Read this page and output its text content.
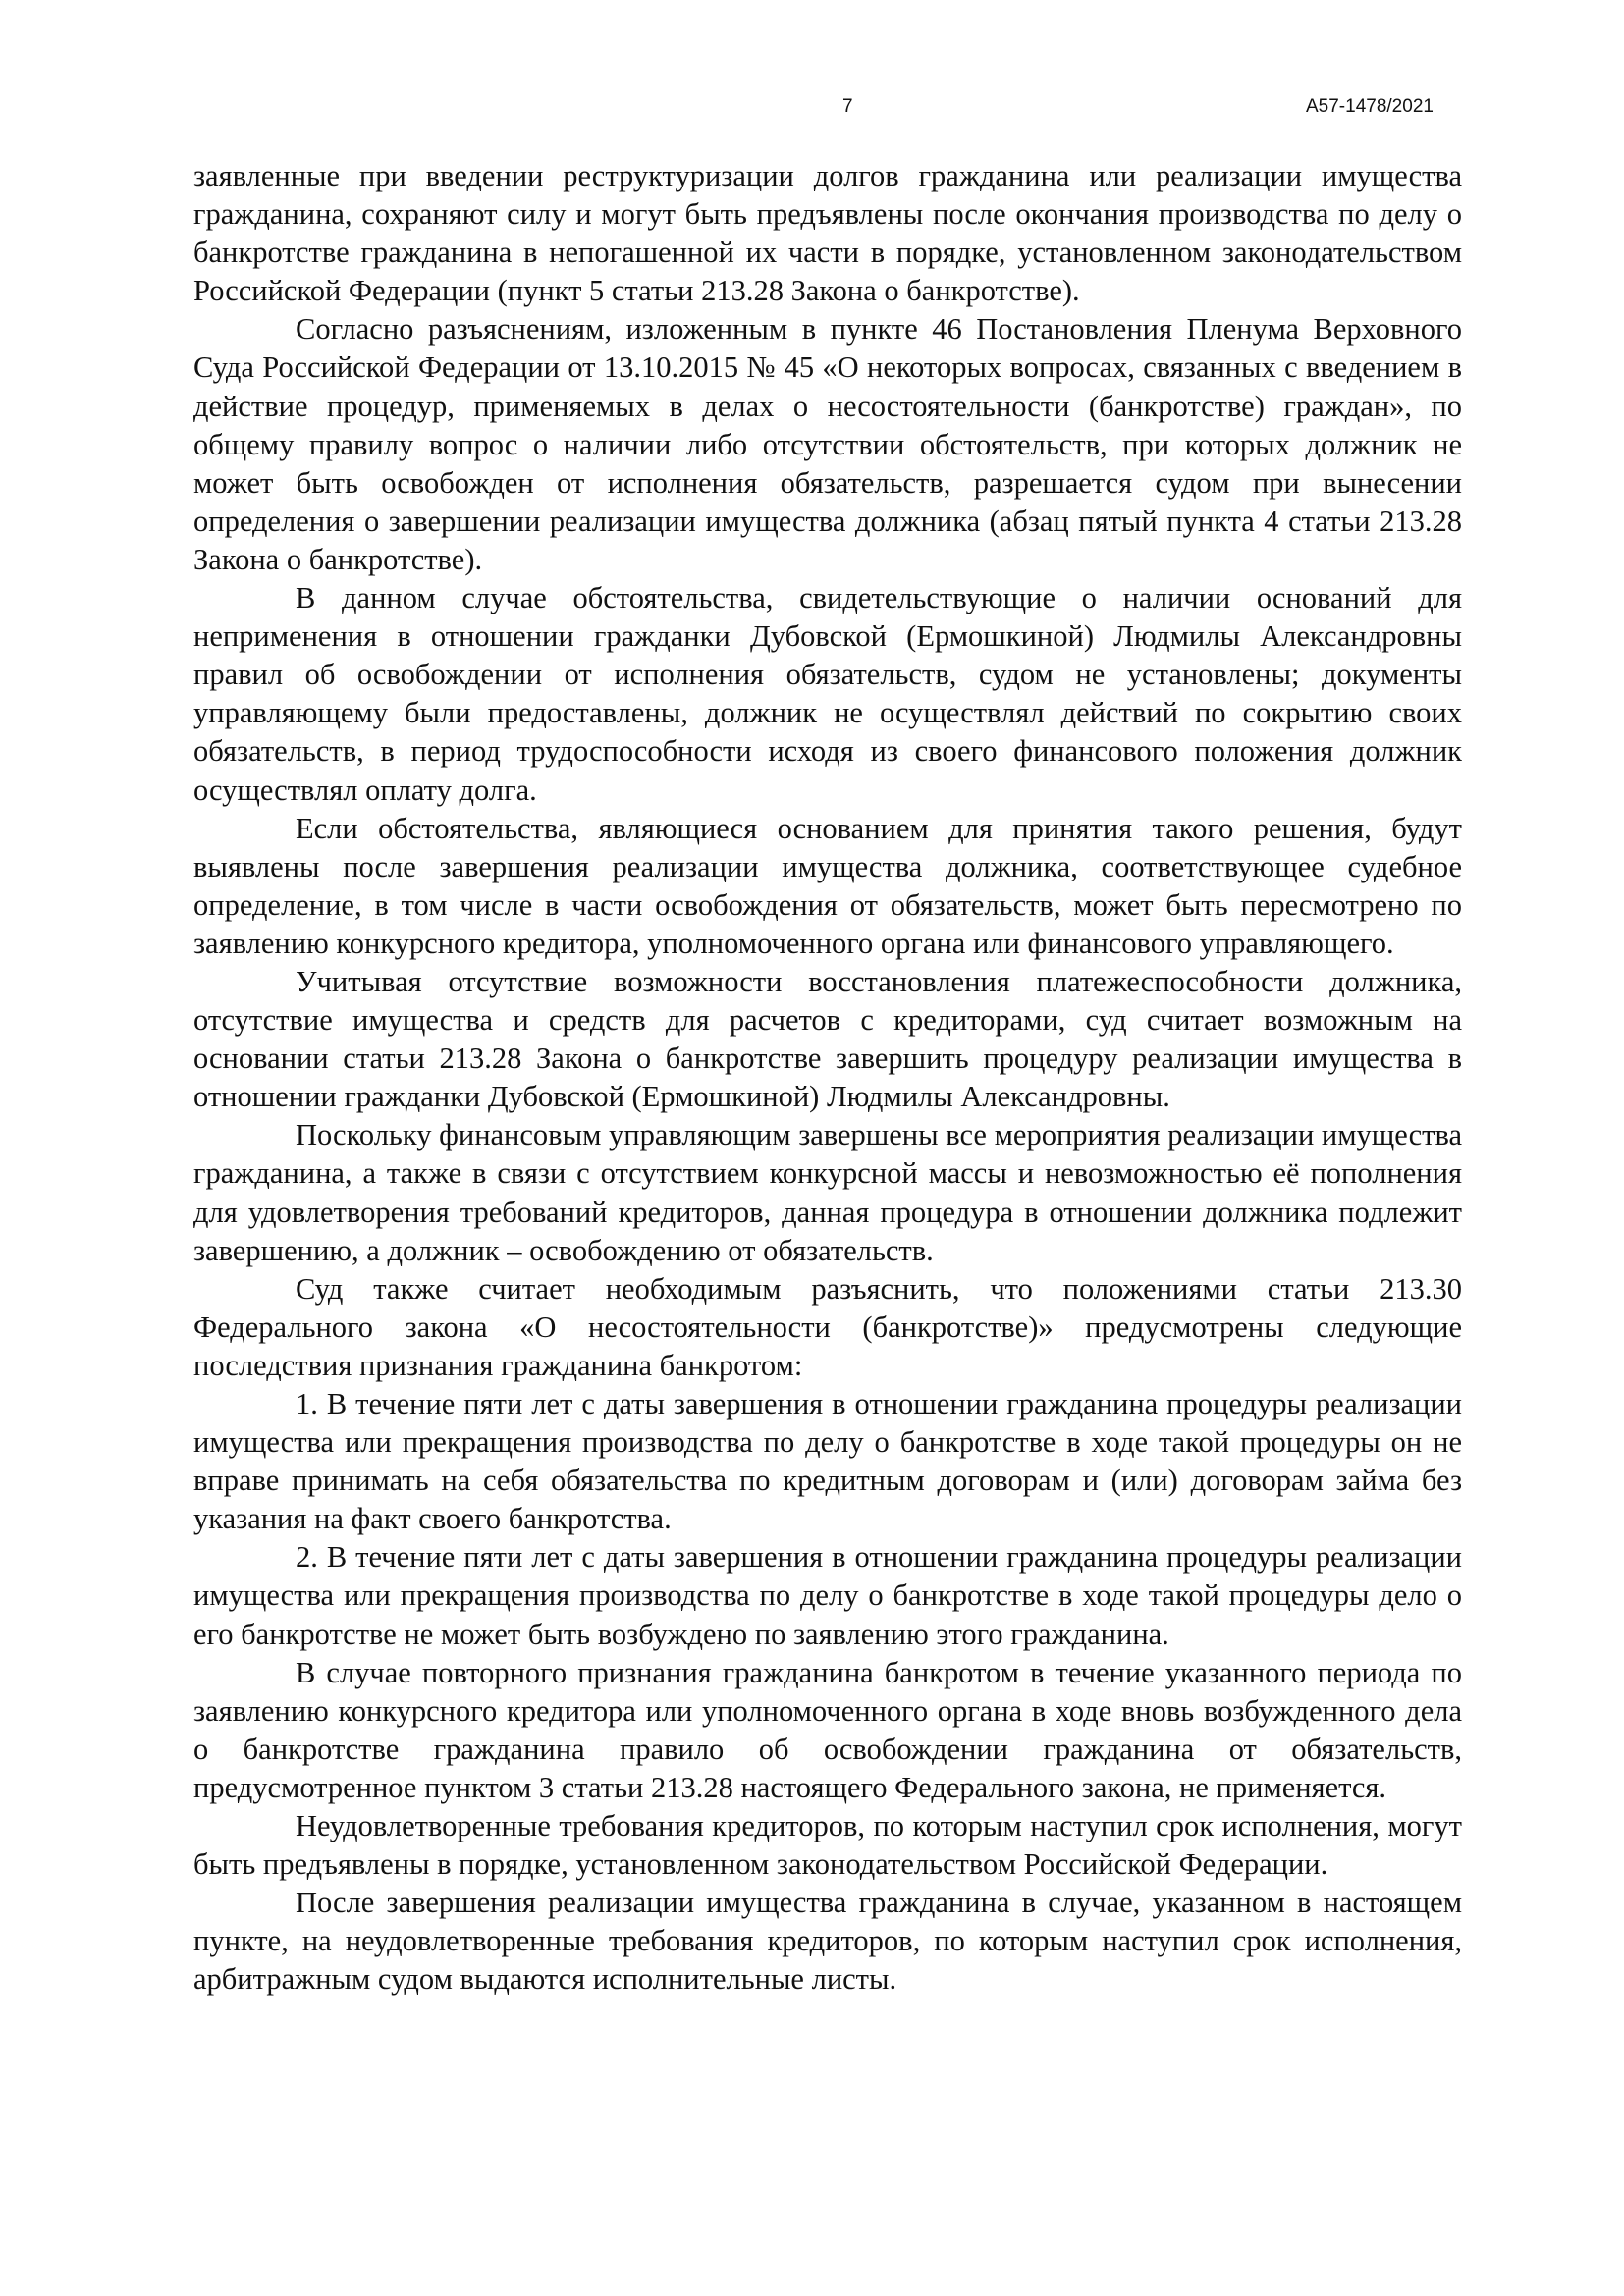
7	А57-1478/2021

заявленные при введении реструктуризации долгов гражданина или реализации имущества гражданина, сохраняют силу и могут быть предъявлены после окончания производства по делу о банкротстве гражданина в непогашенной их части в порядке, установленном законодательством Российской Федерации (пункт 5 статьи 213.28 Закона о банкротстве).

Согласно разъяснениям, изложенным в пункте 46 Постановления Пленума Верховного Суда Российской Федерации от 13.10.2015 № 45 «О некоторых вопросах, связанных с введением в действие процедур, применяемых в делах о несостоятельности (банкротстве) граждан», по общему правилу вопрос о наличии либо отсутствии обстоятельств, при которых должник не может быть освобожден от исполнения обязательств, разрешается судом при вынесении определения о завершении реализации имущества должника (абзац пятый пункта 4 статьи 213.28 Закона о банкротстве).

В данном случае обстоятельства, свидетельствующие о наличии оснований для неприменения в отношении гражданки Дубовской (Ермошкиной) Людмилы Александровны правил об освобождении от исполнения обязательств, судом не установлены; документы управляющему были предоставлены, должник не осуществлял действий по сокрытию своих обязательств, в период трудоспособности исходя из своего финансового положения должник осуществлял оплату долга.

Если обстоятельства, являющиеся основанием для принятия такого решения, будут выявлены после завершения реализации имущества должника, соответствующее судебное определение, в том числе в части освобождения от обязательств, может быть пересмотрено по заявлению конкурсного кредитора, уполномоченного органа или финансового управляющего.

Учитывая отсутствие возможности восстановления платежеспособности должника, отсутствие имущества и средств для расчетов с кредиторами, суд считает возможным на основании статьи 213.28 Закона о банкротстве завершить процедуру реализации имущества в отношении гражданки Дубовской (Ермошкиной) Людмилы Александровны.

Поскольку финансовым управляющим завершены все мероприятия реализации имущества гражданина, а также в связи с отсутствием конкурсной массы и невозможностью её пополнения для удовлетворения требований кредиторов, данная процедура в отношении должника подлежит завершению, а должник – освобождению от обязательств.

Суд также считает необходимым разъяснить, что положениями статьи 213.30 Федерального закона «О несостоятельности (банкротстве)» предусмотрены следующие последствия признания гражданина банкротом:

1. В течение пяти лет с даты завершения в отношении гражданина процедуры реализации имущества или прекращения производства по делу о банкротстве в ходе такой процедуры он не вправе принимать на себя обязательства по кредитным договорам и (или) договорам займа без указания на факт своего банкротства.

2. В течение пяти лет с даты завершения в отношении гражданина процедуры реализации имущества или прекращения производства по делу о банкротстве в ходе такой процедуры дело о его банкротстве не может быть возбуждено по заявлению этого гражданина.

В случае повторного признания гражданина банкротом в течение указанного периода по заявлению конкурсного кредитора или уполномоченного органа в ходе вновь возбужденного дела о банкротстве гражданина правило об освобождении гражданина от обязательств, предусмотренное пунктом 3 статьи 213.28 настоящего Федерального закона, не применяется.

Неудовлетворенные требования кредиторов, по которым наступил срок исполнения, могут быть предъявлены в порядке, установленном законодательством Российской Федерации.

После завершения реализации имущества гражданина в случае, указанном в настоящем пункте, на неудовлетворенные требования кредиторов, по которым наступил срок исполнения, арбитражным судом выдаются исполнительные листы.
